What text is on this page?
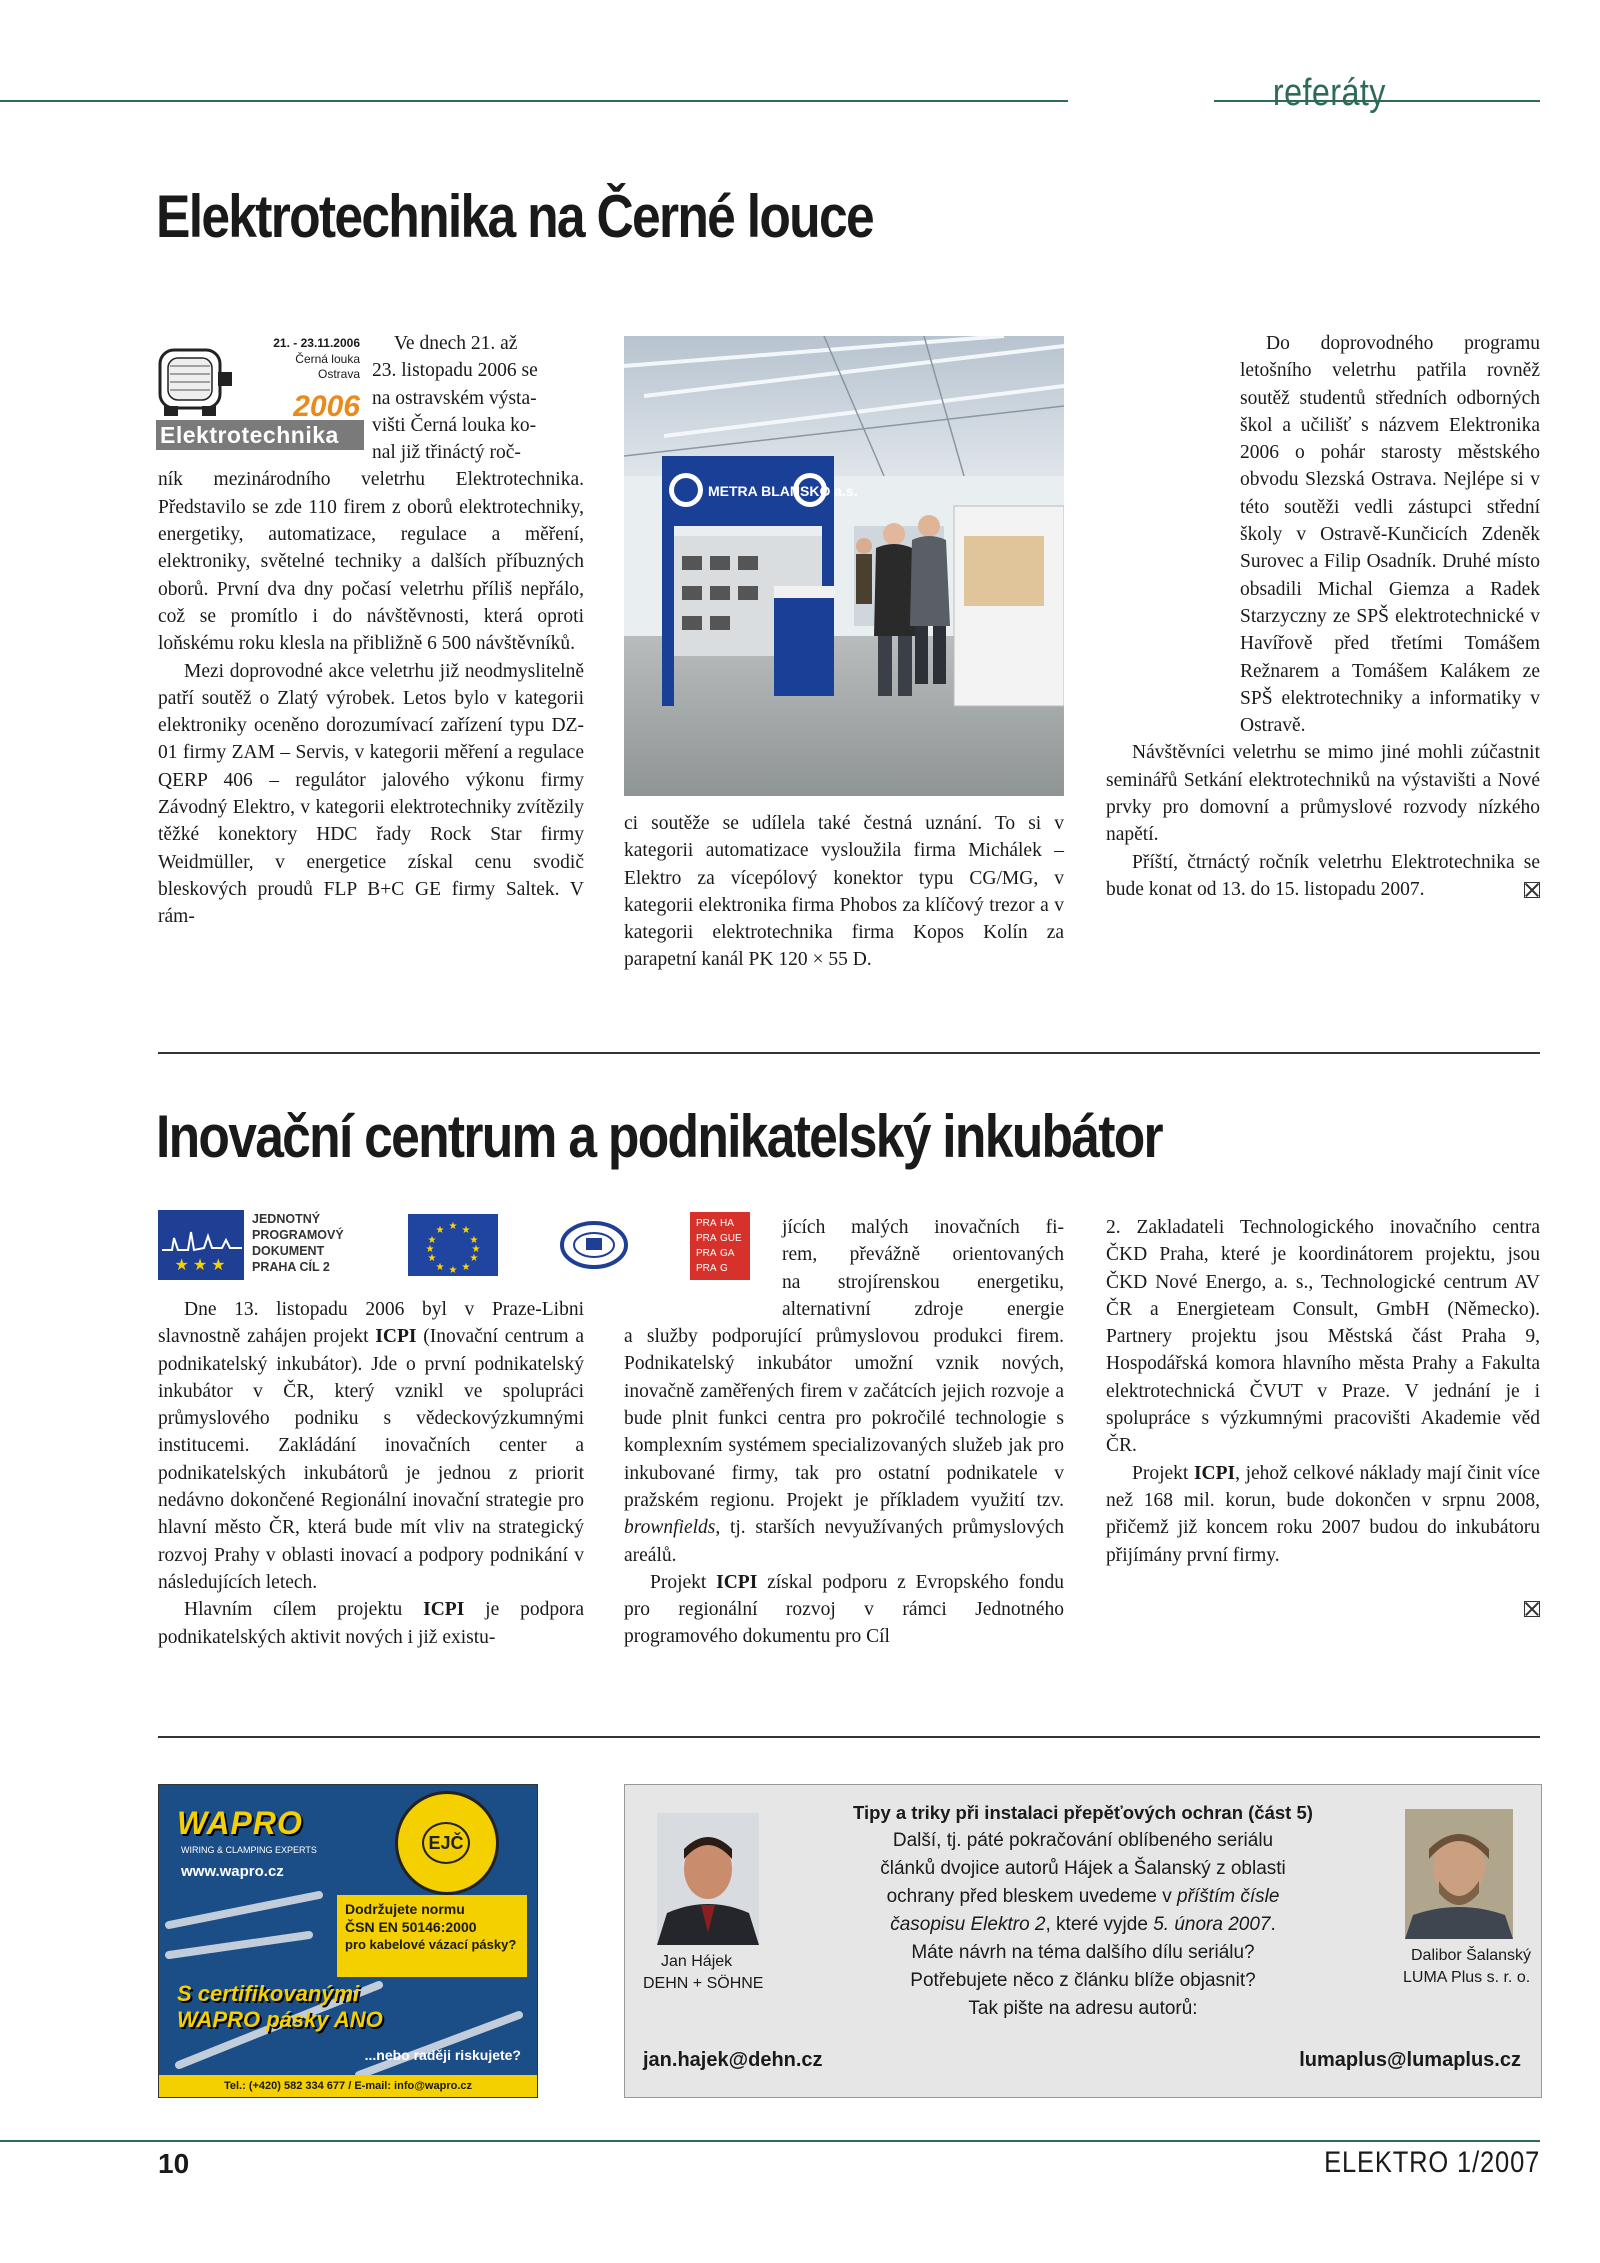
referáty
Elektrotechnika na Černé louce
21. - 23.11.2006
Černá louka
Ostrava
2006
Elektrotechnika
Ve dnech 21. až
23. listopadu 2006 se
na ostravském výsta-
višti Černá louka ko-
nal již třináctý roč-

ník mezinárodního veletrhu Elektrotechnika. Představilo se zde 110 firem z oborů elektrotechniky, energetiky, automatizace, regulace a měření, elektroniky, světelné techniky a dalších příbuzných oborů. První dva dny počasí veletrhu příliš nepřálo, což se promítlo i do návštěvnosti, která oproti loňskému roku klesla na přibližně 6 500 návštěvníků.

Mezi doprovodné akce veletrhu již neodmyslitelně patří soutěž o Zlatý výrobek. Letos bylo v kategorii elektroniky oceněno dorozumívací zařízení typu DZ-01 firmy ZAM – Servis, v kategorii měření a regulace QERP 406 – regulátor jalového výkonu firmy Závodný Elektro, v kategorii elektrotechniky zvítězily těžké konektory HDC řady Rock Star firmy Weidmüller, v energetice získal cenu svodič bleskových proudů FLP B+C GE firmy Saltek. V rám-

METRA BLANSKO a.s.

ci soutěže se udílela také čestná uznání. To si v kategorii automatizace vysloužila firma Michálek – Elektro za vícepólový konektor typu CG/MG, v kategorii elektronika firma Phobos za klíčový trezor a v kategorii elektrotechnika firma Kopos Kolín za parapetní kanál PK 120 × 55 D.

Do doprovodného programu letošního veletrhu patřila rovněž soutěž studentů středních odborných škol a učilišť s názvem Elektronika 2006 o pohár starosty městského obvodu Slezská Ostrava. Nejlépe si v této soutěži vedli zástupci střední školy v Ostravě-Kunčicích Zdeněk Surovec a Filip Osadník. Druhé místo obsadili Michal Giemza a Radek Starzyczny ze SPŠ elektrotechnické v Havířově před třetími Tomášem Režnarem a Tomášem Kalákem ze SPŠ elektrotechniky a informatiky v Ostravě.

Návštěvníci veletrhu se mimo jiné mohli zúčastnit seminářů Setkání elektrotechniků na výstavišti a Nové prvky pro domovní a průmyslové rozvody nízkého napětí.

Příští, čtrnáctý ročník veletrhu Elektrotechnika se bude konat od 13. do 15. listopadu 2007.

Inovační centrum a podnikatelský inkubátor
★ ★ ★
JEDNOTNÝ
PROGRAMOVÝ
DOKUMENT
PRAHA CÍL 2
★ ★
★
★
★
★
★
★
★
★
★
★
PRA HA
PRA GUE
PRA GA
PRA G

Dne 13. listopadu 2006 byl v Praze-Libni slavnostně zahájen projekt ICPI (Inovační centrum a podnikatelský inkubátor). Jde o první podnikatelský inkubátor v ČR, který vznikl ve spolupráci průmyslového podniku s vědeckovýzkumnými institucemi. Zakládání inovačních center a podnikatelských inkubátorů je jednou z priorit nedávno dokončené Regionální inovační strategie pro hlavní město ČR, která bude mít vliv na strategický rozvoj Prahy v oblasti inovací a podpory podnikání v následujících letech.

Hlavním cílem projektu ICPI je podpora podnikatelských aktivit nových i již existu-

jících malých inovačních fi-
rem, převážně orientovaných
na strojírenskou energetiku,
alternativní zdroje energie

a služby podporující průmyslovou produkci firem. Podnikatelský inkubátor umožní vznik nových, inovačně zaměřených firem v začátcích jejich rozvoje a bude plnit funkci centra pro pokročilé technologie s komplexním systémem specializovaných služeb jak pro inkubované firmy, tak pro ostatní podnikatele v pražském regionu. Projekt je příkladem využití tzv. brownfields, tj. starších nevyužívaných průmyslových areálů.

Projekt ICPI získal podporu z Evropského fondu pro regionální rozvoj v rámci Jednotného programového dokumentu pro Cíl

2. Zakladateli Technologického inovačního centra ČKD Praha, které je koordinátorem projektu, jsou ČKD Nové Energo, a. s., Technologické centrum AV ČR a Energieteam Consult, GmbH (Německo). Partnery projektu jsou Městská část Praha 9, Hospodářská komora hlavního města Prahy a Fakulta elektrotechnická ČVUT v Praze. V jednání je i spolupráce s výzkumnými pracovišti Akademie věd ČR.

Projekt ICPI, jehož celkové náklady mají činit více než 168 mil. korun, bude dokončen v srpnu 2008, přičemž již koncem roku 2007 budou do inkubátoru přijímány první firmy.

WAPRO
WIRING & CLAMPING EXPERTS
www.wapro.cz
EJČ
Dodržujete normu
ČSN EN 50146:2000
pro kabelové vázací pásky?
S certifikovanými
WAPRO pásky ANO
...nebo raději riskujete?
Tel.: (+420) 582 334 677 / E-mail: info@wapro.cz
Jan Hájek
DEHN + SÖHNE
Dalibor Šalanský
LUMA Plus s. r. o.
Tipy a triky při instalaci přepěťových ochran (část 5)
Další, tj. páté pokračování oblíbeného seriálu
článků dvojice autorů Hájek a Šalanský z oblasti
ochrany před bleskem uvedeme v příštím čísle
časopisu Elektro 2, které vyjde 5. února 2007.
Máte návrh na téma dalšího dílu seriálu?
Potřebujete něco z článku blíže objasnit?
Tak pište na adresu autorů:
jan.hajek@dehn.cz	lumaplus@lumaplus.cz
10	ELEKTRO 1/2007
